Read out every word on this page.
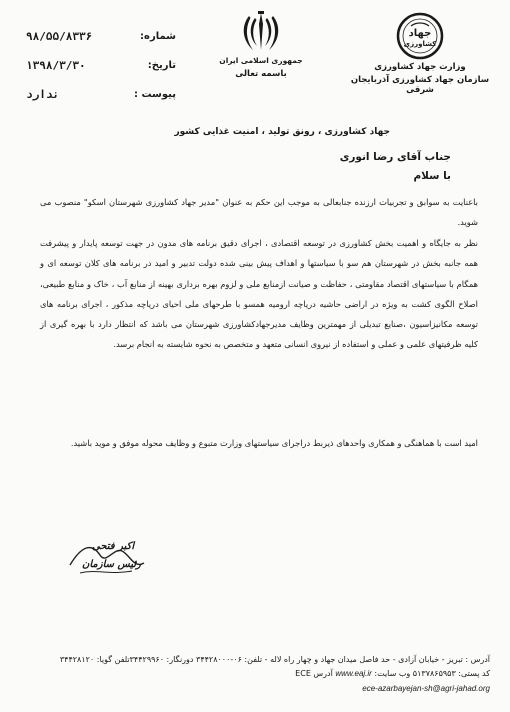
شماره:
۹۸/۵۵/۸۳۳۶
تاریخ:
۱۳۹۸/۳/۳۰
پیوست :
ندارد
جمهوری اسلامی ایران
باسمه تعالی
جهاد
کشاورزی
وزارت جهاد کشاورزی
سازمان جهاد کشاورزی آذربایجان شرقی
جهاد کشاورزی ، رونق تولید ، امنیت غذایی کشور
جناب آقای رضا انوری
با سلام
باعنایت به سوابق و تجربیات ارزنده جنابعالی به موجب این حکم به عنوان "مدیر جهاد کشاورزی شهرستان اسکو" منصوب می شوید.
نظر به جایگاه و اهمیت بخش کشاورزی در توسعه اقتصادی ، اجرای دقیق برنامه های مدون در جهت توسعه پایدار و پیشرفت همه جانبه بخش در شهرستان هم سو با سیاستها و اهداف پیش بینی شده دولت تدبیر و امید در برنامه های کلان توسعه ای و همگام با سیاستهای اقتصاد مقاومتی ، حفاظت و صیانت ازمنابع ملی و لزوم بهره برداری بهینه از منابع آب ، خاک و منابع طبیعی، اصلاح الگوی کشت به ویژه در اراضی حاشیه دریاچه ارومیه همسو با طرحهای ملی احیای دریاچه مذکور ، اجرای برنامه های توسعه مکانیزاسیون ،صنایع تبدیلی از مهمترین وظایف مدیرجهادکشاورزی شهرستان می باشد که انتظار دارد با بهره گیری از کلیه ظرفیتهای علمی و عملی و استفاده از نیروی انسانی متعهد و متخصص به نحوه شایسته به انجام برسد.
امید است با هماهنگی و همکاری واحدهای ذیربط دراجرای سیاستهای وزارت متبوع و وظایف محوله موفق و موید باشید.
اکبر فتحی
رئیس سازمان
آدرس : تبریز - خیابان آزادی - حد فاصل میدان جهاد و چهار راه لاله - تلفن: ۰۶-۳۴۴۲۸۰۰۰ دورنگار: ۳۴۴۲۹۹۶۰تلفن گویا: ۳۴۴۲۸۱۲۰
کد پستی: ۵۱۳۷۸۶۵۹۵۳ وب سایت: www.eaj.ir آدرس ECE
ece-azarbayejan-sh@agri-jahad.org
